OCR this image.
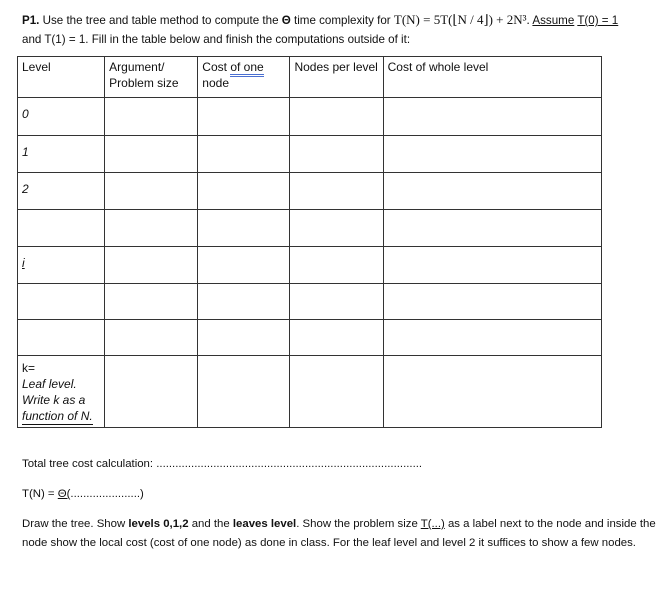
P1. Use the tree and table method to compute the Θ time complexity for T(N) = 5T(⌊N / 4⌋) + 2N³. Assume T(0) = 1
and T(1) = 1. Fill in the table below and finish the computations outside of it:
Level	Argument/ Problem size	Cost of one node	Nodes per level	Cost of whole level
0				
1				
2				

i				

k=
Leaf level.
Write k as a
function of N.				
Total tree cost calculation: ....................................................................................
T(N) = Θ(......................)
Draw the tree. Show levels 0,1,2 and the leaves level. Show the problem size T(...) as a label next to the node and inside the node show the local cost (cost of one node) as done in class. For the leaf level and level 2 it suffices to show a few nodes.
